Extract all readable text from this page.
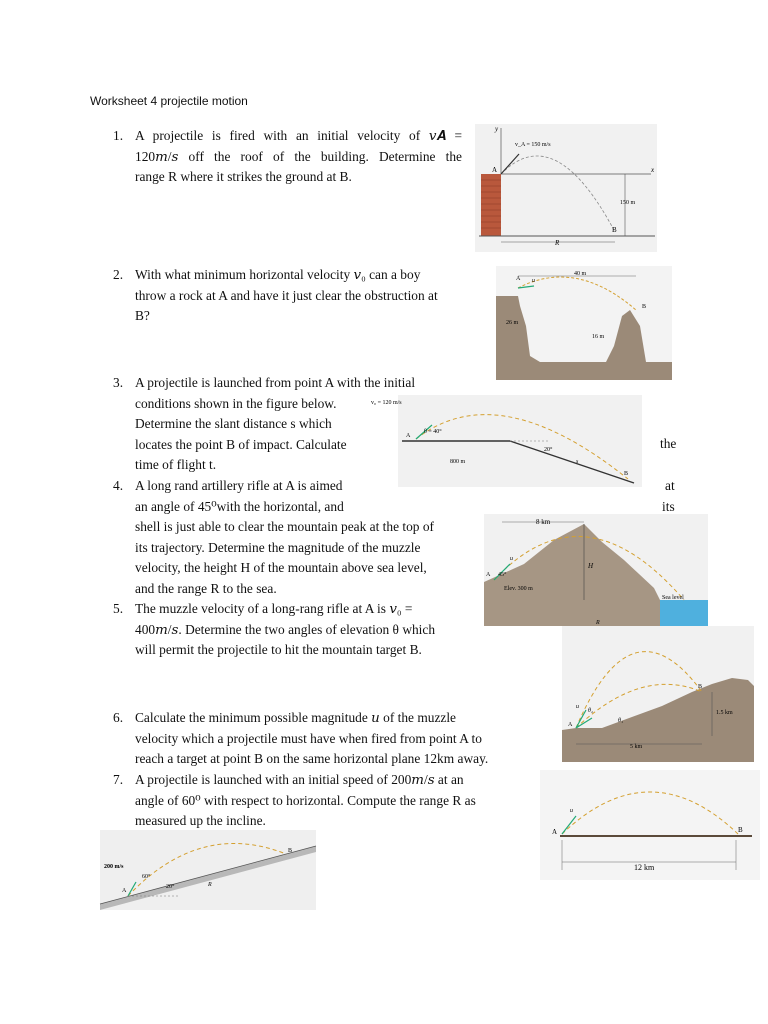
Worksheet 4 projectile motion
1. A projectile is fired with an initial velocity of 𝑣𝑨 =
120𝑚/𝑠 off the roof of the building. Determine the
range R where it strikes the ground at B.
2. With what minimum horizontal velocity 𝑣₀ can a boy
throw a rock at A and have it just clear the obstruction at
B?
3. A projectile is launched from point A with the initial
conditions shown in the figure below.
Determine the slant distance s which
locates the point B of impact. Calculate
time of flight t.
the
4. A long rand artillery rifle at A is aimed
an angle of 45⁰with the horizontal, and
shell is just able to clear the mountain peak at the top of
its trajectory. Determine the magnitude of the muzzle
velocity, the height H of the mountain above sea level,
and the range R to the sea.
at
its
5. The muzzle velocity of a long-rang rifle at A is 𝑣₀ =
400𝑚/𝑠. Determine the two angles of elevation θ which
will permit the projectile to hit the mountain target B.
6. Calculate the minimum possible magnitude 𝑢 of the muzzle
velocity which a projectile must have when fired from point A to
reach a target at point B on the same horizontal plane 12km away.
7. A projectile is launched with an initial speed of 200𝑚/𝑠 at an
angle of 60⁰ with respect to horizontal. Compute the range R as
measured up the incline.
y
x
v_A = 150 m/s
A
B
150 m
R
40 m
26 m
16 m
A u
B
v₀ = 120 m/s
θ = 40°
800 m
20°
s
A
B
8 km
45°
Elev. 300 m
H
Sea level
R
A
u
1.5 km
5 km
A
B
θ₂
θ₁
u
A	B
u
12 km
200 m/s
60°
20°	R
A
B
